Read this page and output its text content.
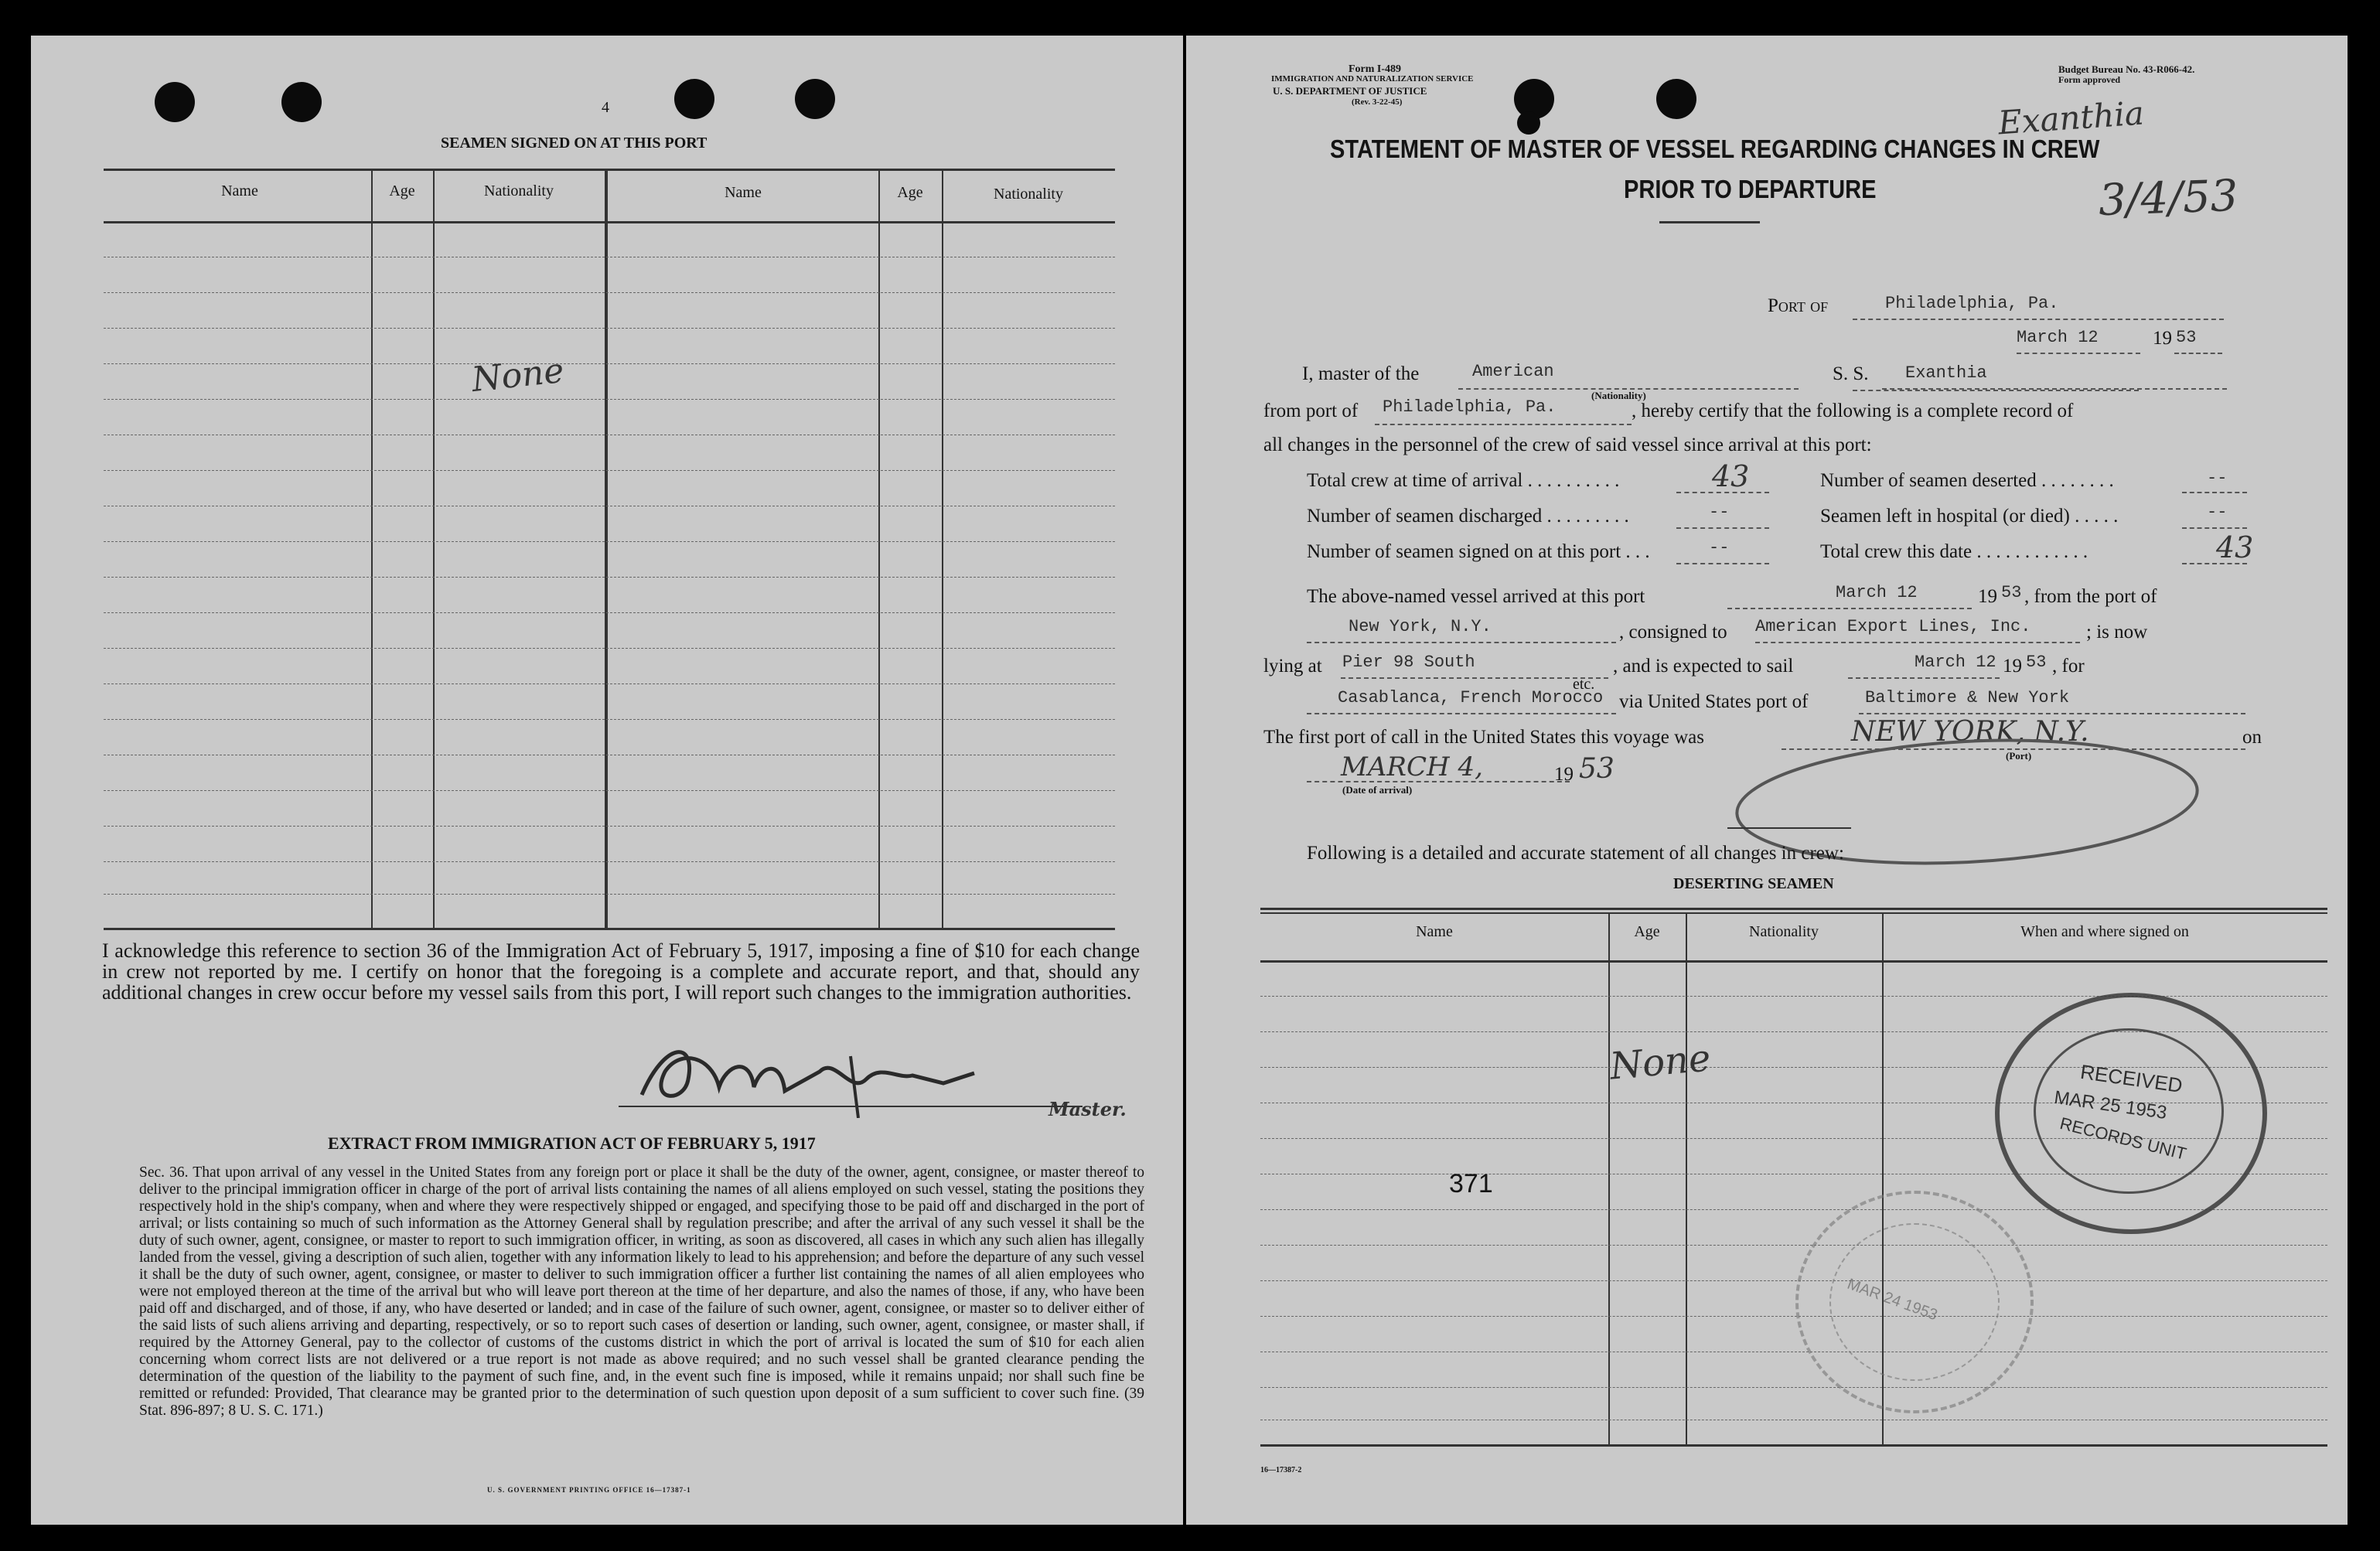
4
SEAMEN SIGNED ON AT THIS PORT
Name	Age	Nationality	Name	Age	Nationality
None
I acknowledge this reference to section 36 of the Immigration Act of February 5, 1917, imposing a fine of $10 for each change in crew not reported by me. I certify on honor that the foregoing is a complete and accurate report, and that, should any additional changes in crew occur before my vessel sails from this port, I will report such changes to the immigration authorities.
Master.
EXTRACT FROM IMMIGRATION ACT OF FEBRUARY 5, 1917
Sec. 36. That upon arrival of any vessel in the United States from any foreign port or place it shall be the duty of the owner, agent, consignee, or master thereof to deliver to the principal immigration officer in charge of the port of arrival lists containing the names of all aliens employed on such vessel, stating the positions they respectively hold in the ship's company, when and where they were respectively shipped or engaged, and specifying those to be paid off and discharged in the port of arrival; or lists containing so much of such information as the Attorney General shall by regulation prescribe; and after the arrival of any such vessel it shall be the duty of such owner, agent, consignee, or master to report to such immigration officer, in writing, as soon as discovered, all cases in which any such alien has illegally landed from the vessel, giving a description of such alien, together with any information likely to lead to his apprehension; and before the departure of any such vessel it shall be the duty of such owner, agent, consignee, or master to deliver to such immigration officer a further list containing the names of all alien employees who were not employed thereon at the time of the arrival but who will leave port thereon at the time of her departure, and also the names of those, if any, who have been paid off and discharged, and of those, if any, who have deserted or landed; and in case of the failure of such owner, agent, consignee, or master so to deliver either of the said lists of such aliens arriving and departing, respectively, or so to report such cases of desertion or landing, such owner, agent, consignee, or master shall, if required by the Attorney General, pay to the collector of customs of the customs district in which the port of arrival is located the sum of $10 for each alien concerning whom correct lists are not delivered or a true report is not made as above required; and no such vessel shall be granted clearance pending the determination of the question of the liability to the payment of such fine, and, in the event such fine is imposed, while it remains unpaid; nor shall such fine be remitted or refunded: Provided, That clearance may be granted prior to the determination of such question upon deposit of a sum sufficient to cover such fine. (39 Stat. 896-897; 8 U. S. C. 171.)
U. S. GOVERNMENT PRINTING OFFICE 16—17387-1
Form I-489
IMMIGRATION AND NATURALIZATION SERVICE
U. S. DEPARTMENT OF JUSTICE
(Rev. 3-22-45)
Budget Bureau No. 43-R066-42.
Form approved
Exanthia
3/4/53
STATEMENT OF MASTER OF VESSEL REGARDING CHANGES IN CREW
PRIOR TO DEPARTURE
Port of	Philadelphia, Pa.
March 12	19 53
I, master of the	American
(Nationality)
S. S. Exanthia
from port of Philadelphia, Pa.	, hereby certify that the following is a complete record of
all changes in the personnel of the crew of said vessel since arrival at this port:
Total crew at time of arrival . . . . . . . . . .	43	Number of seamen deserted . . . . . . . .	--
Number of seamen discharged . . . . . . . . .	--	Seamen left in hospital (or died) . . . . .	--
Number of seamen signed on at this port . . .	--	Total crew this date . . . . . . . . . . . .	43
The above-named vessel arrived at this port	March 12	19 53 , from the port of
New York, N.Y.	, consigned to American Export Lines, Inc.	; is now
lying at Pier 98 South
etc.
, and is expected to sail	March 12 19 53 , for
Casablanca, French Morocco via United States port of	Baltimore & New York
The first port of call in the United States this voyage was	NEW YORK, N.Y.
(Port)
on
MARCH 4,
(Date of arrival)
19 53
Following is a detailed and accurate statement of all changes in crew:
DESERTING SEAMEN
Name	Age	Nationality	When and where signed on
None
371
RECEIVED
MAR 25 1953
RECORDS UNIT
MAR 24 1953
16—17387-2
